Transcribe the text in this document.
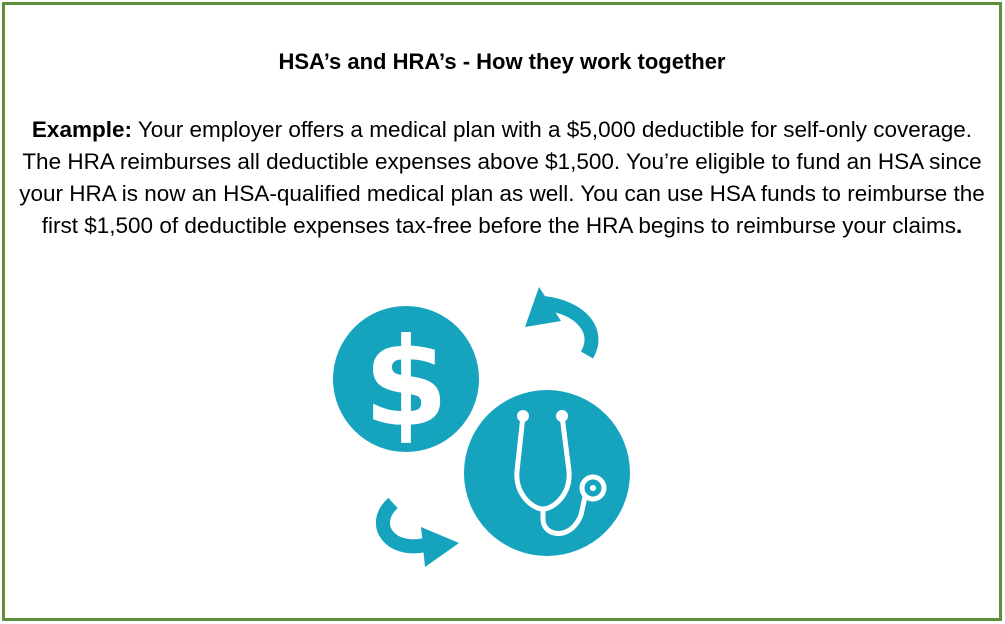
HSA’s and HRA’s - How they work together

Example: Your employer offers a medical plan with a $5,000 deductible for self-only coverage. The HRA reimburses all deductible expenses above $1,500. You’re eligible to fund an HSA since your HRA is now an HSA-qualified medical plan as well. You can use HSA funds to reimburse the first $1,500 of deductible expenses tax-free before the HRA begins to reimburse your claims.

$
